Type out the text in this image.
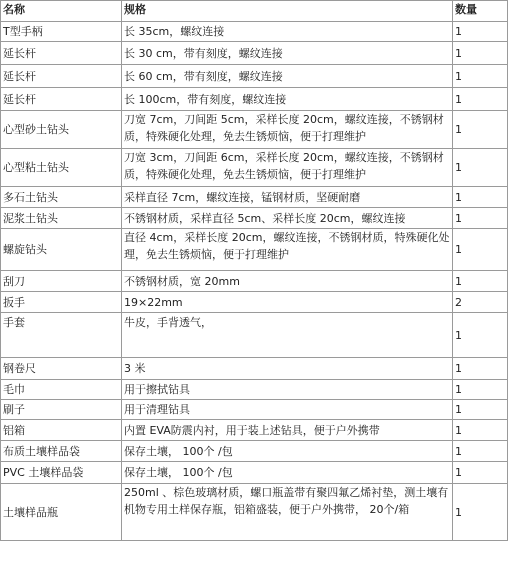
名称	规格	数量
T型手柄	长 35cm，螺纹连接	1
延长杆	长 30 cm，带有刻度，螺纹连接	1
延长杆	长 60 cm，带有刻度，螺纹连接	1
延长杆	长 100cm，带有刻度，螺纹连接	1
心型砂土钻头	刀宽 7cm，刀间距 5cm，采样长度 20cm，螺纹连接，不锈钢材质，特殊硬化处理，免去生锈烦恼，便于打理维护	1
心型粘土钻头	刀宽 3cm，刀间距 6cm，采样长度 20cm，螺纹连接，不锈钢材质，特殊硬化处理，免去生锈烦恼，便于打理维护	1
多石土钻头	采样直径 7cm，螺纹连接，锰钢材质，坚硬耐磨	1
泥浆土钻头	不锈钢材质，采样直径 5cm、采样长度 20cm，螺纹连接	1
螺旋钻头	直径 4cm，采样长度 20cm，螺纹连接，不锈钢材质，特殊硬化处理，免去生锈烦恼，便于打理维护	1
刮刀	不锈钢材质，宽 20mm	1
扳手	19×22mm	2
手套	牛皮，手背透气，	1
钢卷尺	3 米	1
毛巾	用于擦拭钻具	1
刷子	用于清理钻具	1
铝箱	内置 EVA防震内衬，用于装上述钻具，便于户外携带	1
布质土壤样品袋	保存土壤， 100个 /包	1
PVC 土壤样品袋	保存土壤， 100个 /包	1
土壤样品瓶	250ml 、棕色玻璃材质，螺口瓶盖带有聚四氟乙烯衬垫，测土壤有机物专用土样保存瓶，铝箱盛装，便于户外携带， 20个/箱	1
